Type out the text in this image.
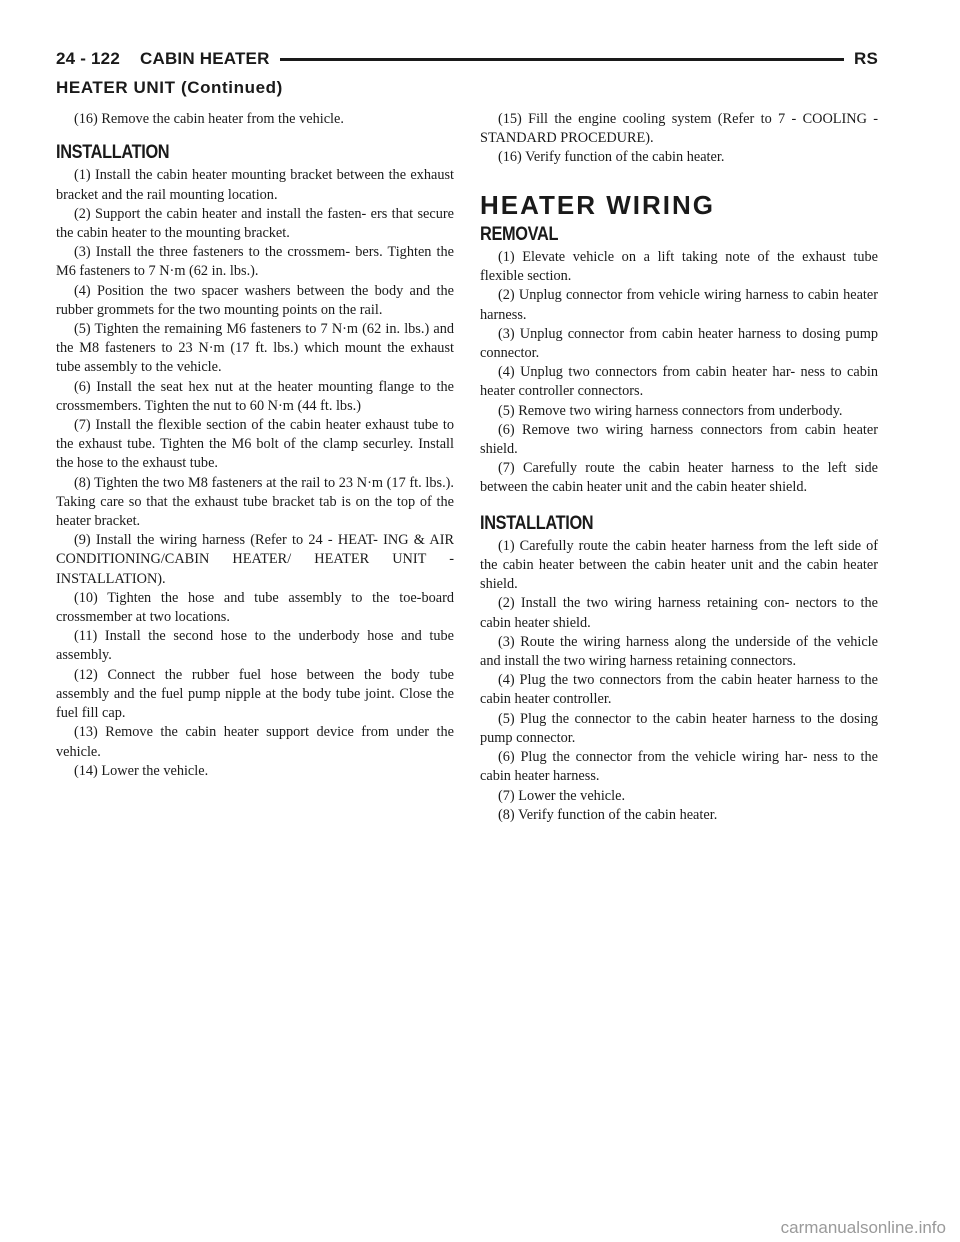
24 - 122 CABIN HEATER	RS
HEATER UNIT (Continued)

(16) Remove the cabin heater from the vehicle.

INSTALLATION

(1) Install the cabin heater mounting bracket between the exhaust bracket and the rail mounting location.

(2) Support the cabin heater and install the fasten- ers that secure the cabin heater to the mounting bracket.

(3) Install the three fasteners to the crossmem- bers. Tighten the M6 fasteners to 7 N·m (62 in. lbs.).

(4) Position the two spacer washers between the body and the rubber grommets for the two mounting points on the rail.

(5) Tighten the remaining M6 fasteners to 7 N·m (62 in. lbs.) and the M8 fasteners to 23 N·m (17 ft. lbs.) which mount the exhaust tube assembly to the vehicle.

(6) Install the seat hex nut at the heater mounting flange to the crossmembers. Tighten the nut to 60 N·m (44 ft. lbs.)

(7) Install the flexible section of the cabin heater exhaust tube to the exhaust tube. Tighten the M6 bolt of the clamp securley. Install the hose to the exhaust tube.

(8) Tighten the two M8 fasteners at the rail to 23 N·m (17 ft. lbs.). Taking care so that the exhaust tube bracket tab is on the top of the heater bracket.

(9) Install the wiring harness (Refer to 24 - HEAT- ING & AIR CONDITIONING/CABIN HEATER/ HEATER UNIT - INSTALLATION).

(10) Tighten the hose and tube assembly to the toe-board crossmember at two locations.

(11) Install the second hose to the underbody hose and tube assembly.

(12) Connect the rubber fuel hose between the body tube assembly and the fuel pump nipple at the body tube joint. Close the fuel fill cap.

(13) Remove the cabin heater support device from under the vehicle.

(14) Lower the vehicle.

(15) Fill the engine cooling system (Refer to 7 - COOLING - STANDARD PROCEDURE).

(16) Verify function of the cabin heater.

HEATER WIRING
REMOVAL

(1) Elevate vehicle on a lift taking note of the exhaust tube flexible section.

(2) Unplug connector from vehicle wiring harness to cabin heater harness.

(3) Unplug connector from cabin heater harness to dosing pump connector.

(4) Unplug two connectors from cabin heater har- ness to cabin heater controller connectors.

(5) Remove two wiring harness connectors from underbody.

(6) Remove two wiring harness connectors from cabin heater shield.

(7) Carefully route the cabin heater harness to the left side between the cabin heater unit and the cabin heater shield.

INSTALLATION

(1) Carefully route the cabin heater harness from the left side of the cabin heater between the cabin heater unit and the cabin heater shield.

(2) Install the two wiring harness retaining con- nectors to the cabin heater shield.

(3) Route the wiring harness along the underside of the vehicle and install the two wiring harness retaining connectors.

(4) Plug the two connectors from the cabin heater harness to the cabin heater controller.

(5) Plug the connector to the cabin heater harness to the dosing pump connector.

(6) Plug the connector from the vehicle wiring har- ness to the cabin heater harness.

(7) Lower the vehicle.

(8) Verify function of the cabin heater.

carmanualsonline.info
